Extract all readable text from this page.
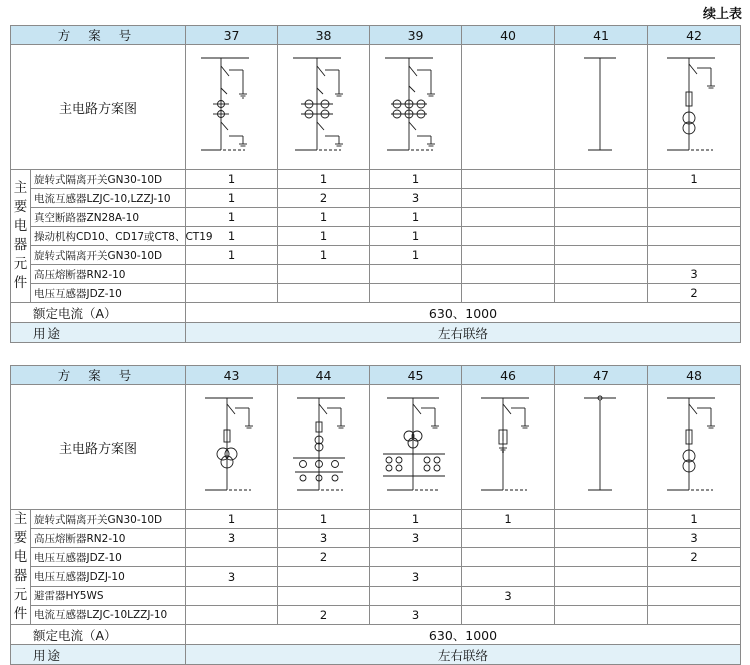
续上表
方 案 号		37	38	39	40	41	42
主电路方案图	

主要电器元件	旋转式隔离开关GN30-10D	1	1	1			1
	电流互感器LZJC-10,LZZJ-10	1	2	3			
	真空断路器ZN28A-10	1	1	1			
	操动机构CD10、CD17或CT8、CT19	1	1	1			
	旋转式隔离开关GN30-10D	1	1	1			
	高压熔断器RN2-10						3
	电压互感器JDZ-10						2
额定电流（A）		630、1000					
用途		左右联络					
方 案 号		43	44	45	46	47	48
主电路方案图	

主要电器元件	旋转式隔离开关GN30-10D	1	1	1	1		1
	高压熔断器RN2-10	3	3	3			3
	电压互感器JDZ-10		2				2
	电压互感器JDZJ-10	3		3			
	避雷器HY5WS				3		
	电流互感器LZJC-10LZZJ-10		2	3			
额定电流（A）		630、1000					
用途		左右联络					
